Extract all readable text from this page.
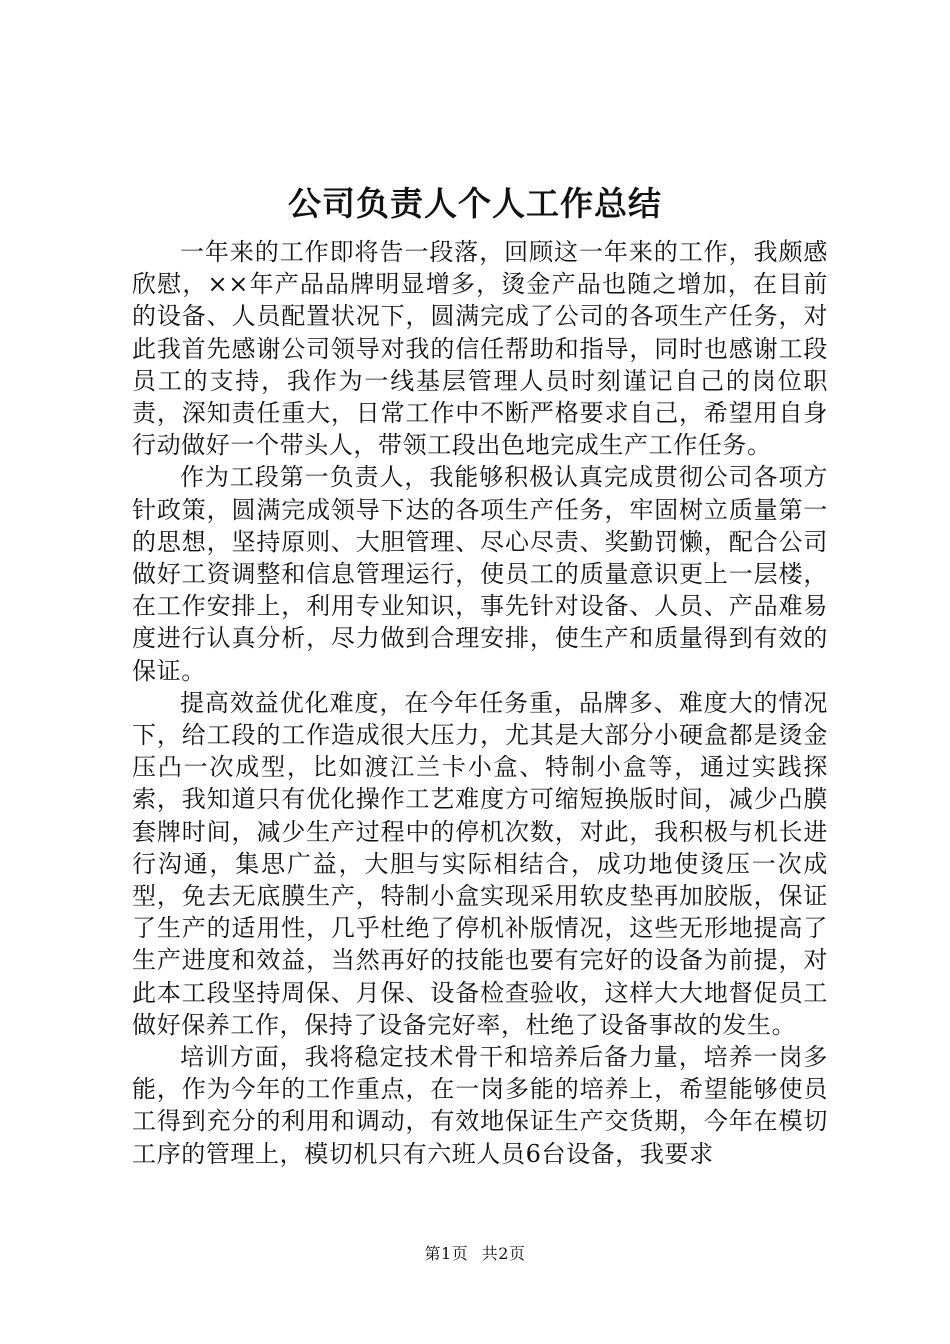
公司负责人个人工作总结

一年来的工作即将告一段落，回顾这一年来的工作，我颇感欣慰，××年产品品牌明显增多，烫金产品也随之增加，在目前的设备、人员配置状况下，圆满完成了公司的各项生产任务，对此我首先感谢公司领导对我的信任帮助和指导，同时也感谢工段员工的支持，我作为一线基层管理人员时刻谨记自己的岗位职责，深知责任重大，日常工作中不断严格要求自己，希望用自身行动做好一个带头人，带领工段出色地完成生产工作任务。

作为工段第一负责人，我能够积极认真完成贯彻公司各项方针政策，圆满完成领导下达的各项生产任务，牢固树立质量第一的思想，坚持原则、大胆管理、尽心尽责、奖勤罚懒，配合公司做好工资调整和信息管理运行，使员工的质量意识更上一层楼，在工作安排上，利用专业知识，事先针对设备、人员、产品难易度进行认真分析，尽力做到合理安排，使生产和质量得到有效的保证。

提高效益优化难度，在今年任务重，品牌多、难度大的情况下，给工段的工作造成很大压力，尤其是大部分小硬盒都是烫金压凸一次成型，比如渡江兰卡小盒、特制小盒等，通过实践探索，我知道只有优化操作工艺难度方可缩短换版时间，减少凸膜套牌时间，减少生产过程中的停机次数，对此，我积极与机长进行沟通，集思广益，大胆与实际相结合，成功地使烫压一次成型，免去无底膜生产，特制小盒实现采用软皮垫再加胶版，保证了生产的适用性，几乎杜绝了停机补版情况，这些无形地提高了生产进度和效益，当然再好的技能也要有完好的设备为前提，对此本工段坚持周保、月保、设备检查验收，这样大大地督促员工做好保养工作，保持了设备完好率，杜绝了设备事故的发生。

培训方面，我将稳定技术骨干和培养后备力量，培养一岗多能，作为今年的工作重点，在一岗多能的培养上，希望能够使员工得到充分的利用和调动，有效地保证生产交货期，今年在模切工序的管理上，模切机只有六班人员6台设备，我要求

第1页 共2页
